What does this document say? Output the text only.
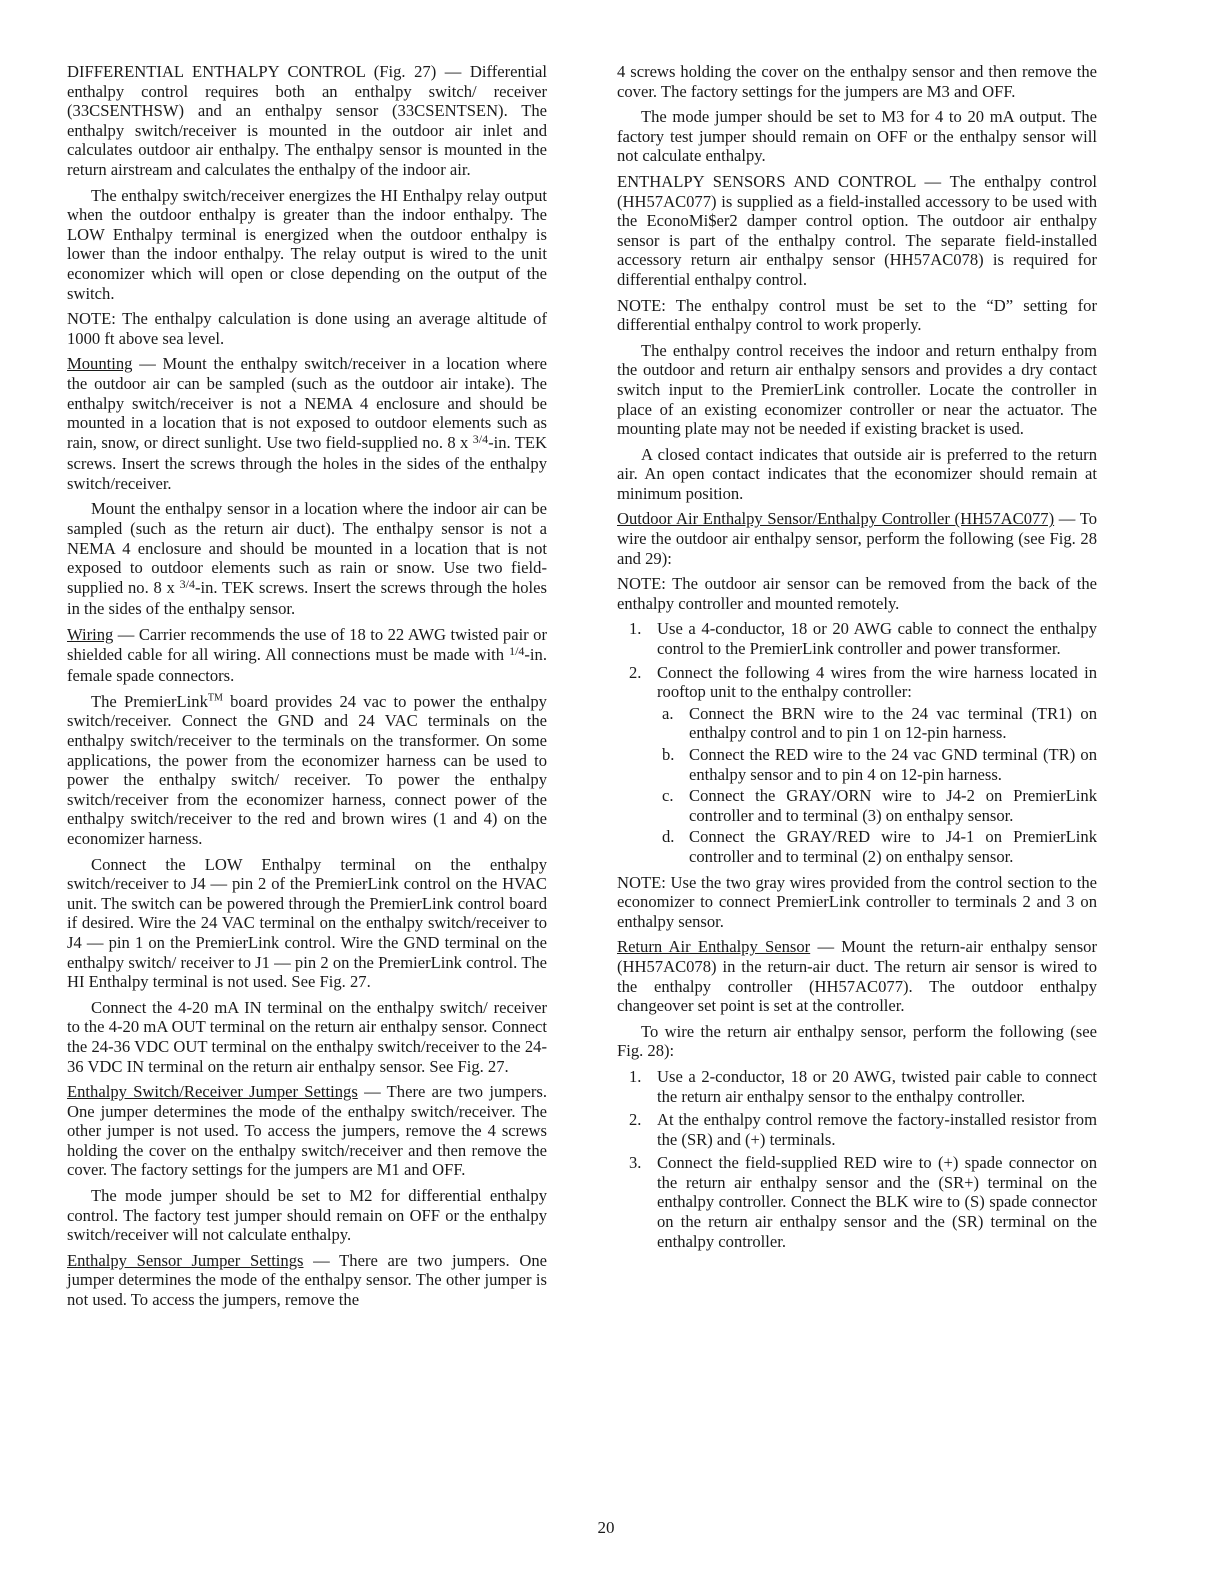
DIFFERENTIAL ENTHALPY CONTROL (Fig. 27) — Differential enthalpy control requires both an enthalpy switch/ receiver (33CSENTHSW) and an enthalpy sensor (33CSENTSEN). The enthalpy switch/receiver is mounted in the outdoor air inlet and calculates outdoor air enthalpy. The enthalpy sensor is mounted in the return airstream and calculates the enthalpy of the indoor air.

The enthalpy switch/receiver energizes the HI Enthalpy relay output when the outdoor enthalpy is greater than the indoor enthalpy. The LOW Enthalpy terminal is energized when the outdoor enthalpy is lower than the indoor enthalpy. The relay output is wired to the unit economizer which will open or close depending on the output of the switch.

NOTE: The enthalpy calculation is done using an average altitude of 1000 ft above sea level.

Mounting — Mount the enthalpy switch/receiver in a location where the outdoor air can be sampled (such as the outdoor air intake). The enthalpy switch/receiver is not a NEMA 4 enclosure and should be mounted in a location that is not exposed to outdoor elements such as rain, snow, or direct sunlight. Use two field-supplied no. 8 x $^{3/4}$-in. TEK screws. Insert the screws through the holes in the sides of the enthalpy switch/receiver.

Mount the enthalpy sensor in a location where the indoor air can be sampled (such as the return air duct). The enthalpy sensor is not a NEMA 4 enclosure and should be mounted in a location that is not exposed to outdoor elements such as rain or snow. Use two field-supplied no. 8 x $^{3/4}$-in. TEK screws. Insert the screws through the holes in the sides of the enthalpy sensor.

Wiring — Carrier recommends the use of 18 to 22 AWG twisted pair or shielded cable for all wiring. All connections must be made with $^{1/4}$-in. female spade connectors.

The PremierLink™ board provides 24 vac to power the enthalpy switch/receiver. Connect the GND and 24 VAC terminals on the enthalpy switch/receiver to the terminals on the transformer. On some applications, the power from the economizer harness can be used to power the enthalpy switch/ receiver. To power the enthalpy switch/receiver from the economizer harness, connect power of the enthalpy switch/receiver to the red and brown wires (1 and 4) on the economizer harness.

Connect the LOW Enthalpy terminal on the enthalpy switch/receiver to J4 — pin 2 of the PremierLink control on the HVAC unit. The switch can be powered through the PremierLink control board if desired. Wire the 24 VAC terminal on the enthalpy switch/receiver to J4 — pin 1 on the PremierLink control. Wire the GND terminal on the enthalpy switch/ receiver to J1 — pin 2 on the PremierLink control. The HI Enthalpy terminal is not used. See Fig. 27.

Connect the 4-20 mA IN terminal on the enthalpy switch/ receiver to the 4-20 mA OUT terminal on the return air enthalpy sensor. Connect the 24-36 VDC OUT terminal on the enthalpy switch/receiver to the 24-36 VDC IN terminal on the return air enthalpy sensor. See Fig. 27.

Enthalpy Switch/Receiver Jumper Settings — There are two jumpers. One jumper determines the mode of the enthalpy switch/receiver. The other jumper is not used. To access the jumpers, remove the 4 screws holding the cover on the enthalpy switch/receiver and then remove the cover. The factory settings for the jumpers are M1 and OFF.

The mode jumper should be set to M2 for differential enthalpy control. The factory test jumper should remain on OFF or the enthalpy switch/receiver will not calculate enthalpy.

Enthalpy Sensor Jumper Settings — There are two jumpers. One jumper determines the mode of the enthalpy sensor. The other jumper is not used. To access the jumpers, remove the

4 screws holding the cover on the enthalpy sensor and then remove the cover. The factory settings for the jumpers are M3 and OFF.

The mode jumper should be set to M3 for 4 to 20 mA output. The factory test jumper should remain on OFF or the enthalpy sensor will not calculate enthalpy.

ENTHALPY SENSORS AND CONTROL — The enthalpy control (HH57AC077) is supplied as a field-installed accessory to be used with the EconoMi$er2 damper control option. The outdoor air enthalpy sensor is part of the enthalpy control. The separate field-installed accessory return air enthalpy sensor (HH57AC078) is required for differential enthalpy control.

NOTE: The enthalpy control must be set to the “D” setting for differential enthalpy control to work properly.

The enthalpy control receives the indoor and return enthalpy from the outdoor and return air enthalpy sensors and provides a dry contact switch input to the PremierLink controller. Locate the controller in place of an existing economizer controller or near the actuator. The mounting plate may not be needed if existing bracket is used.

A closed contact indicates that outside air is preferred to the return air. An open contact indicates that the economizer should remain at minimum position.

Outdoor Air Enthalpy Sensor/Enthalpy Controller (HH57AC077) — To wire the outdoor air enthalpy sensor, perform the following (see Fig. 28 and 29):

NOTE: The outdoor air sensor can be removed from the back of the enthalpy controller and mounted remotely.

1. Use a 4-conductor, 18 or 20 AWG cable to connect the enthalpy control to the PremierLink controller and power transformer.
2. Connect the following 4 wires from the wire harness located in rooftop unit to the enthalpy controller:
a. Connect the BRN wire to the 24 vac terminal (TR1) on enthalpy control and to pin 1 on 12-pin harness.
b. Connect the RED wire to the 24 vac GND terminal (TR) on enthalpy sensor and to pin 4 on 12-pin harness.
c. Connect the GRAY/ORN wire to J4-2 on PremierLink controller and to terminal (3) on enthalpy sensor.
d. Connect the GRAY/RED wire to J4-1 on PremierLink controller and to terminal (2) on enthalpy sensor.

NOTE: Use the two gray wires provided from the control section to the economizer to connect PremierLink controller to terminals 2 and 3 on enthalpy sensor.

Return Air Enthalpy Sensor — Mount the return-air enthalpy sensor (HH57AC078) in the return-air duct. The return air sensor is wired to the enthalpy controller (HH57AC077). The outdoor enthalpy changeover set point is set at the controller.

To wire the return air enthalpy sensor, perform the following (see Fig. 28):

1. Use a 2-conductor, 18 or 20 AWG, twisted pair cable to connect the return air enthalpy sensor to the enthalpy controller.
2. At the enthalpy control remove the factory-installed resistor from the (SR) and (+) terminals.
3. Connect the field-supplied RED wire to (+) spade connector on the return air enthalpy sensor and the (SR+) terminal on the enthalpy controller. Connect the BLK wire to (S) spade connector on the return air enthalpy sensor and the (SR) terminal on the enthalpy controller.
20
